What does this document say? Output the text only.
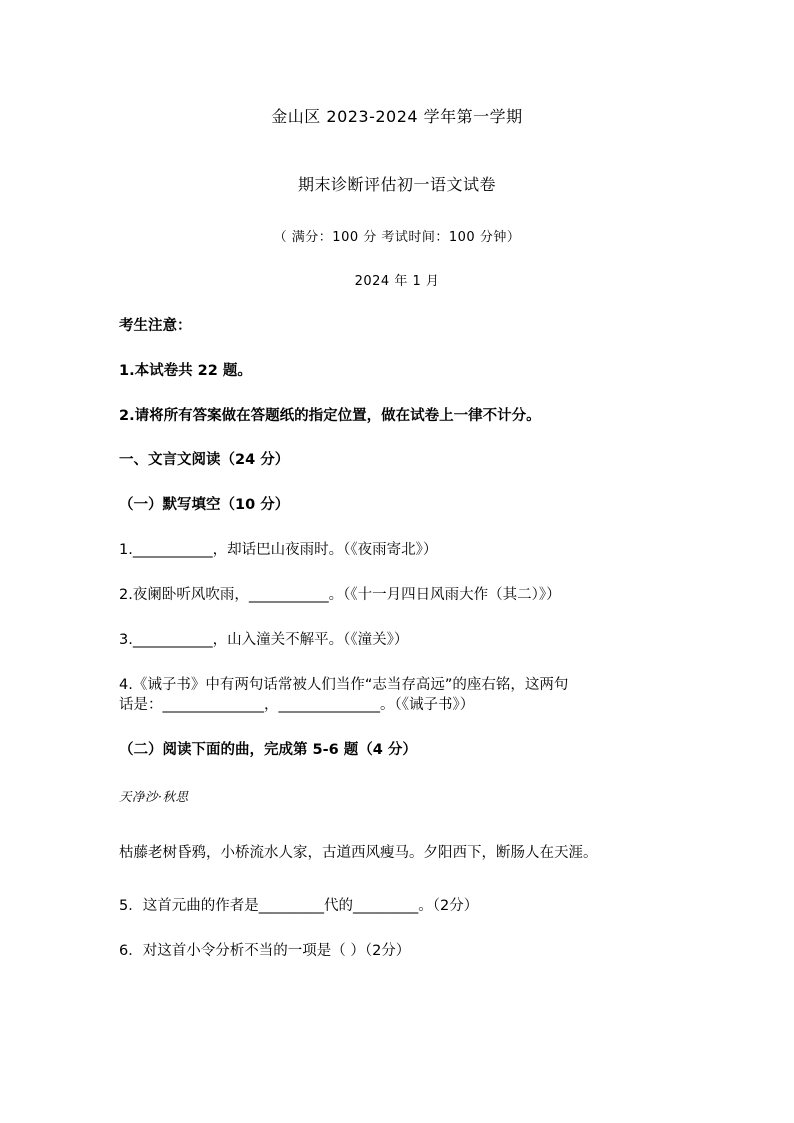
金山区 2023-2024 学年第一学期
期末诊断评估初一语文试卷
（ 满分：100 分 考试时间：100 分钟）
2024 年 1 月
考生注意：
1.本试卷共 22 题。
2.请将所有答案做在答题纸的指定位置，做在试卷上一律不计分。
一、文言文阅读（24 分）
（一）默写填空（10 分）
1.___________，却话巴山夜雨时。（《夜雨寄北》）
2.夜阑卧听风吹雨，___________。（《十一月四日风雨大作（其二）》）
3.___________，山入潼关不解平。（《潼关》）
4.《诫子书》中有两句话常被人们当作“志当存高远”的座右铭，这两句
话是：______________，______________。（《诫子书》）
（二）阅读下面的曲，完成第 5-6 题（4 分）
天净沙·秋思
枯藤老树昏鸦，小桥流水人家，古道西风瘦马。夕阳西下，断肠人在天涯。
5．这首元曲的作者是_________代的_________。（2分）
6．对这首小令分析不当的一项是（ ）（2分）
